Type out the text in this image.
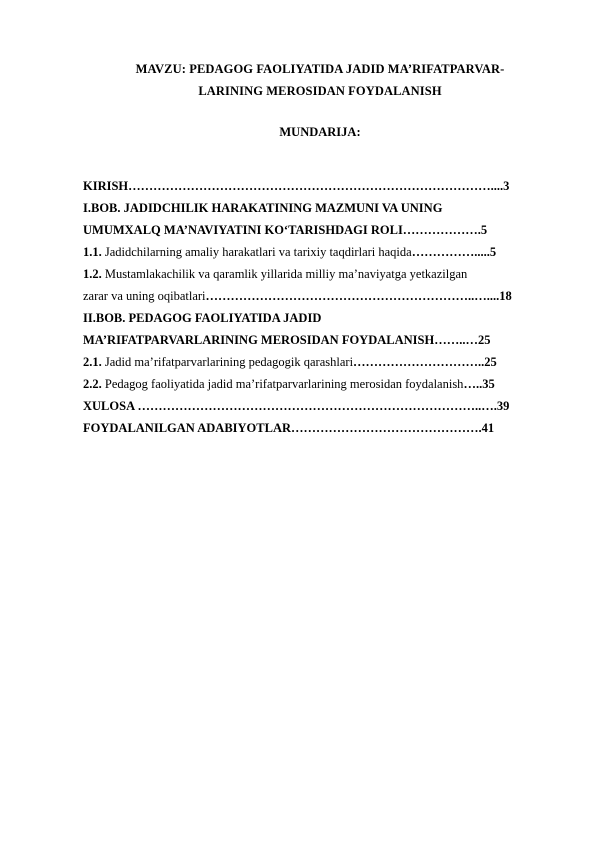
MAVZU: PEDAGOG FAOLIYATIDA JADID MA’RIFATPARVAR-
LARINING MEROSIDAN FOYDALANISH
MUNDARIJA:
KIRISH……………………………………………………………………………....3
I.BOB. JADIDCHILIK HARAKATINING MAZMUNI VA UNING
UMUMXALQ MA’NAVIYATINI KO‘TARISHDAGI ROLI……………….5
1.1. Jadidchilarning amaliy harakatlari va tarixiy taqdirlari haqida…………….....5
1.2. Mustamlakachilik va qaramlik yillarida milliy ma’naviyatga yetkazilgan
zarar va uning oqibatlari………………………………………………………..…....18
II.BOB. PEDAGOG FAOLIYATIDA JADID
MA’RIFATPARVARLARINING MEROSIDAN FOYDALANISH……..…25
2.1. Jadid ma’rifatparvarlarining pedagogik qarashlari…………………………..25
2.2. Pedagog faoliyatida jadid ma’rifatparvarlarining merosidan foydalanish…..35
XULOSA ………………………………………………………………………..….39
FOYDALANILGAN ADABIYOTLAR……………………………………….41
